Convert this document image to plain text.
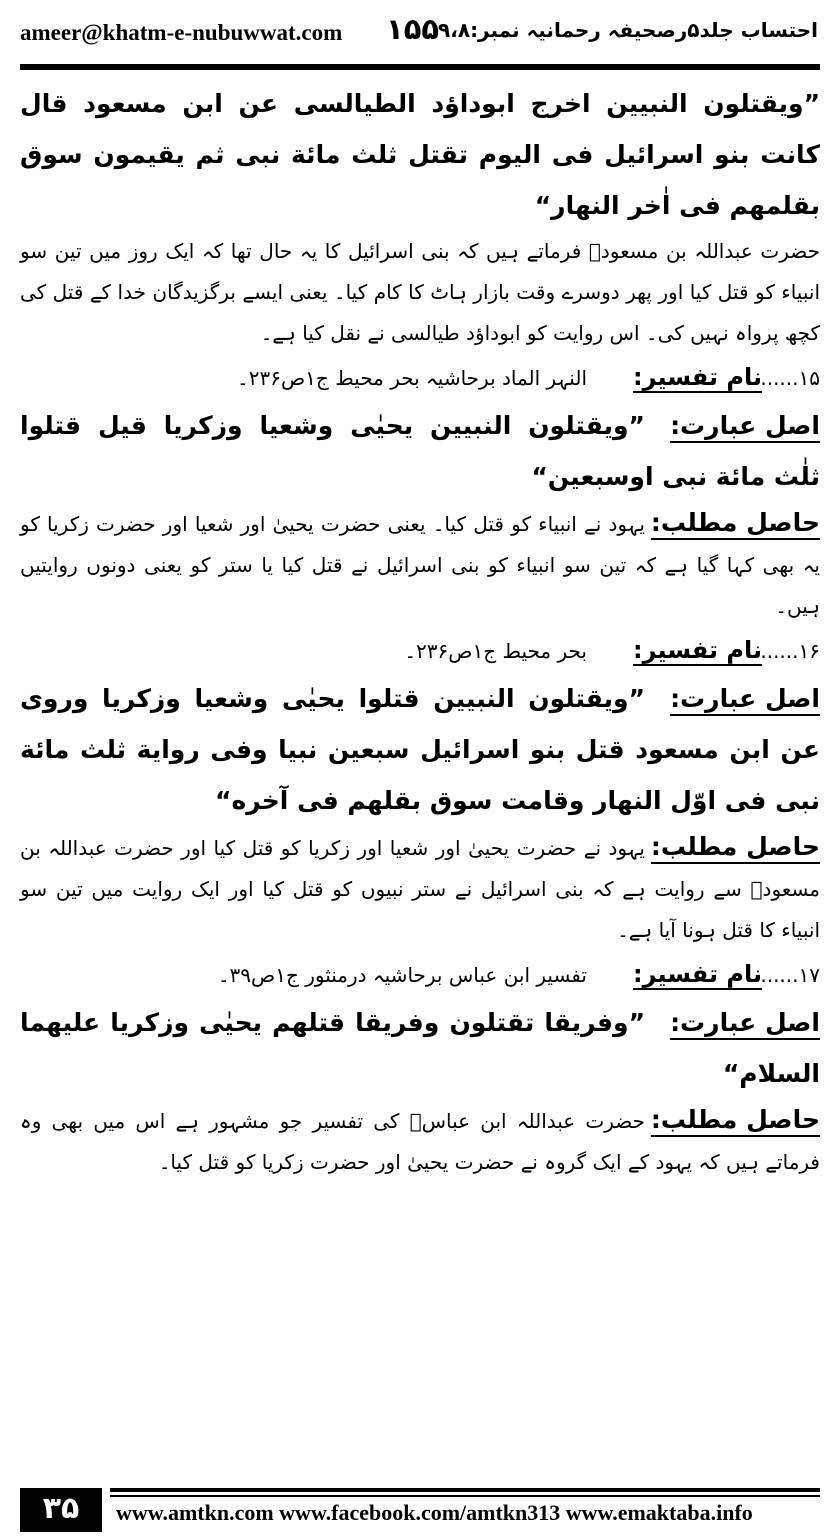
ameer@khatm-e-nubuwwat.com ۱۵۵
احتساب جلد۵رصحیفہ رحمانیہ نمبر:۹،۸

”ویقتلون النبیین اخرج ابوداؤد الطیالسی عن ابن مسعود قال كانت بنو اسرائیل فی الیوم تقتل ثلث مائة نبی ثم یقیمون سوق بقلمهم فی اٰخر النهار“

حضرت عبداللہ بن مسعودؓ فرماتے ہیں کہ بنی اسرائیل کا یہ حال تھا کہ ایک روز میں تین سو انبیاء کو قتل کیا اور پھر دوسرے وقت بازار ہاٹ کا کام کیا۔ یعنی ایسے برگزیدگان خدا کے قتل کی کچھ پرواہ نہیں کی۔ اس روایت کو ابوداؤد طیالسی نے نقل کیا ہے۔

۱۵......نام تفسیر:النہر الماد برحاشیہ بحر محیط ج۱ص۲۳۶۔

اصل عبارت:”ویقتلون النبیین یحیٰی وشعیا وزكریا قیل قتلوا ثلٰث مائة نبی اوسبعین“

حاصل مطلب:یہود نے انبیاء کو قتل کیا۔ یعنی حضرت یحییٰ اور شعیا اور حضرت زکریا کو یہ بھی کہا گیا ہے کہ تین سو انبیاء کو بنی اسرائیل نے قتل کیا یا ستر کو یعنی دونوں روایتیں ہیں۔

۱۶......نام تفسیر:بحر محیط ج۱ص۲۳۶۔

اصل عبارت:”ویقتلون النبیین قتلوا یحیٰی وشعیا وزكریا وروی عن ابن مسعود قتل بنو اسرائیل سبعین نبیا وفی روایة ثلث مائة نبی فی اوّل النهار وقامت سوق بقلهم فی آخره“

حاصل مطلب:یہود نے حضرت یحییٰ اور شعیا اور زکریا کو قتل کیا اور حضرت عبداللہ بن مسعودؓ سے روایت ہے کہ بنی اسرائیل نے ستر نبیوں کو قتل کیا اور ایک روایت میں تین سو انبیاء کا قتل ہونا آیا ہے۔

۱۷......نام تفسیر:تفسیر ابن عباس برحاشیہ درمنثور ج۱ص۳۹۔

اصل عبارت:”وفریقا تقتلون وفریقا قتلهم یحیٰی وزكریا علیهما السلام“

حاصل مطلب:حضرت عبداللہ ابن عباسؓ کی تفسیر جو مشہور ہے اس میں بھی وہ فرماتے ہیں کہ یہود کے ایک گروہ نے حضرت یحییٰ اور حضرت زکریا کو قتل کیا۔

۳۵	www.amtkn.com www.facebook.com/amtkn313 www.emaktaba.info
